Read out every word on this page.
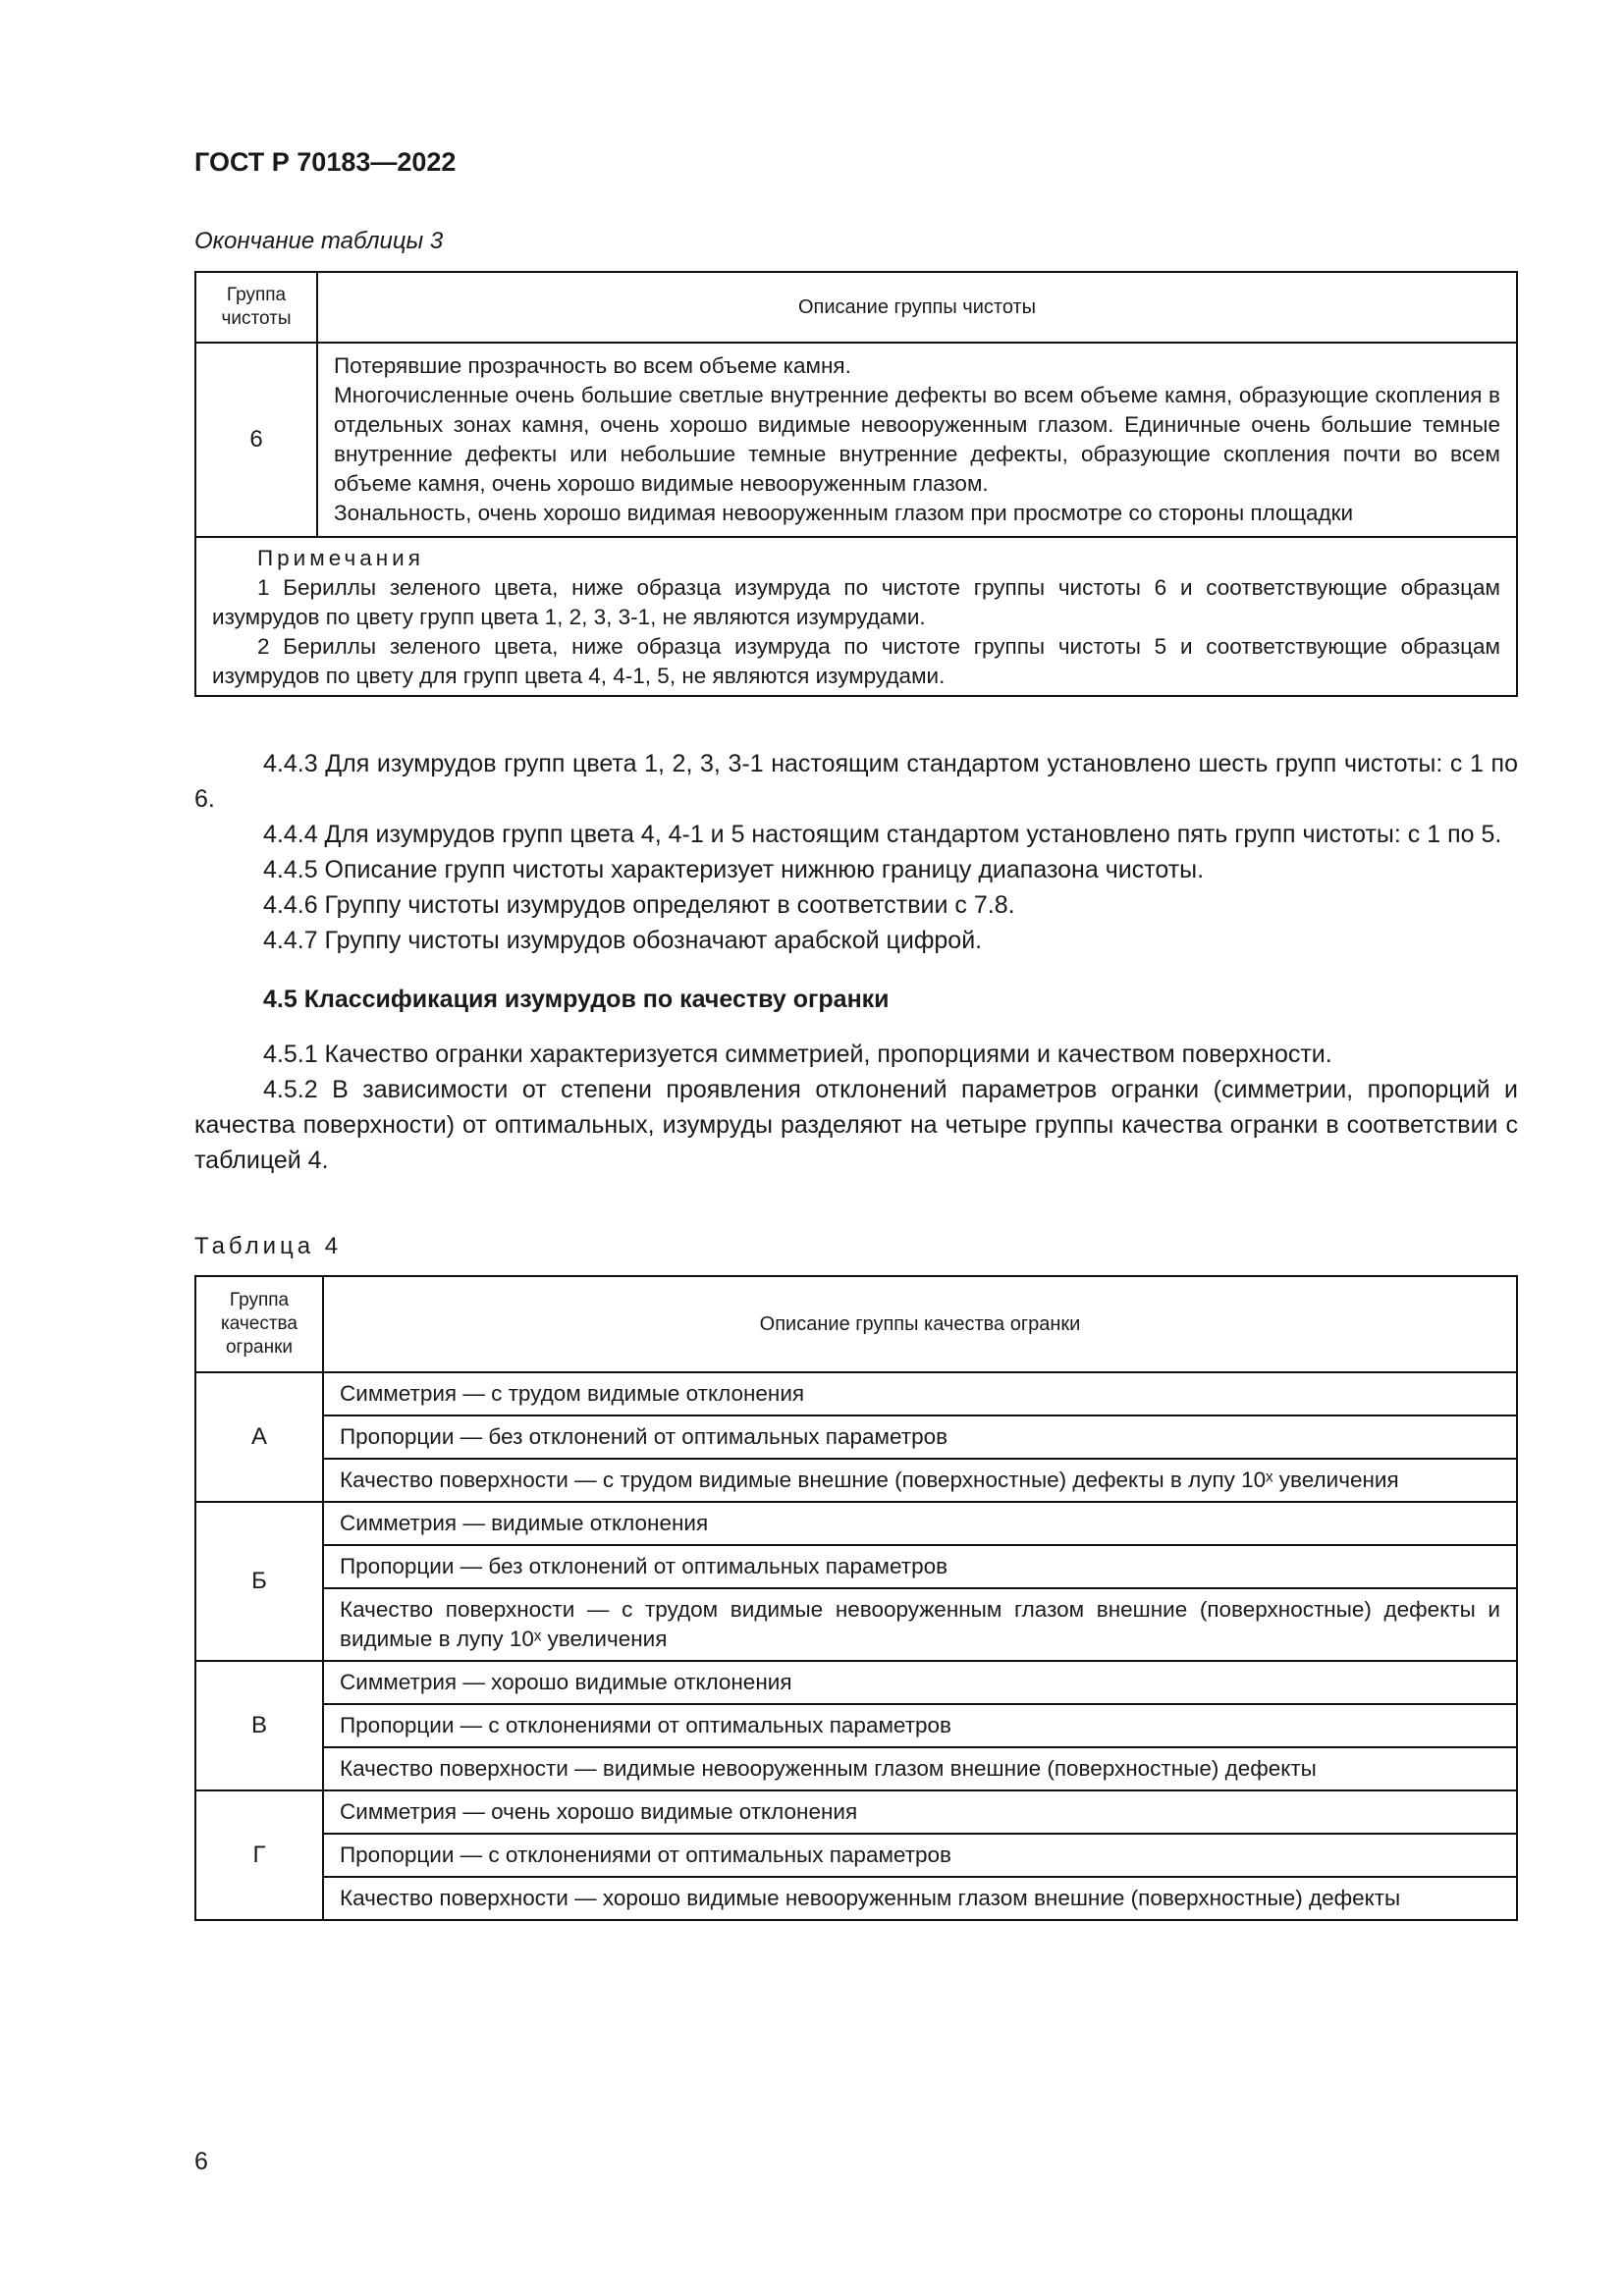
ГОСТ Р 70183—2022
Окончание таблицы 3
Группа чистоты	Описание группы чистоты
6	Потерявшие прозрачность во всем объеме камня.

Многочисленные очень большие светлые внутренние дефекты во всем объеме камня, образующие скопления в отдельных зонах камня, очень хорошо видимые невооруженным глазом. Единичные очень большие темные внутренние дефекты или небольшие темные внутренние дефекты, образующие скопления почти во всем объеме камня, очень хорошо видимые невооруженным глазом.

Зональность, очень хорошо видимая невооруженным глазом при просмотре со стороны площадки

Примечания

1 Бериллы зеленого цвета, ниже образца изумруда по чистоте группы чистоты 6 и соответствующие образцам изумрудов по цвету групп цвета 1, 2, 3, 3-1, не являются изумрудами.

2 Бериллы зеленого цвета, ниже образца изумруда по чистоте группы чистоты 5 и соответствующие образцам изумрудов по цвету для групп цвета 4, 4-1, 5, не являются изумрудами.	

4.4.3 Для изумрудов групп цвета 1, 2, 3, 3-1 настоящим стандартом установлено шесть групп чистоты: с 1 по 6.

4.4.4 Для изумрудов групп цвета 4, 4-1 и 5 настоящим стандартом установлено пять групп чистоты: с 1 по 5.

4.4.5 Описание групп чистоты характеризует нижнюю границу диапазона чистоты.

4.4.6 Группу чистоты изумрудов определяют в соответствии с 7.8.

4.4.7 Группу чистоты изумрудов обозначают арабской цифрой.

4.5 Классификация изумрудов по качеству огранки

4.5.1 Качество огранки характеризуется симметрией, пропорциями и качеством поверхности.

4.5.2 В зависимости от степени проявления отклонений параметров огранки (симметрии, пропорций и качества поверхности) от оптимальных, изумруды разделяют на четыре группы качества огранки в соответствии с таблицей 4.

Таблица 4
Группа качества огранки	Описание группы качества огранки
А	Симметрия — с трудом видимые отклонения
	Пропорции — без отклонений от оптимальных параметров
	Качество поверхности — с трудом видимые внешние (поверхностные) дефекты в лупу 10ˣ увеличения
Б	Симметрия — видимые отклонения
	Пропорции — без отклонений от оптимальных параметров
	Качество поверхности — с трудом видимые невооруженным глазом внешние (поверхностные) дефекты и видимые в лупу 10ˣ увеличения
В	Симметрия — хорошо видимые отклонения
	Пропорции — с отклонениями от оптимальных параметров
	Качество поверхности — видимые невооруженным глазом внешние (поверхностные) дефекты
Г	Симметрия — очень хорошо видимые отклонения
	Пропорции — с отклонениями от оптимальных параметров
	Качество поверхности — хорошо видимые невооруженным глазом внешние (поверхностные) дефекты
6
